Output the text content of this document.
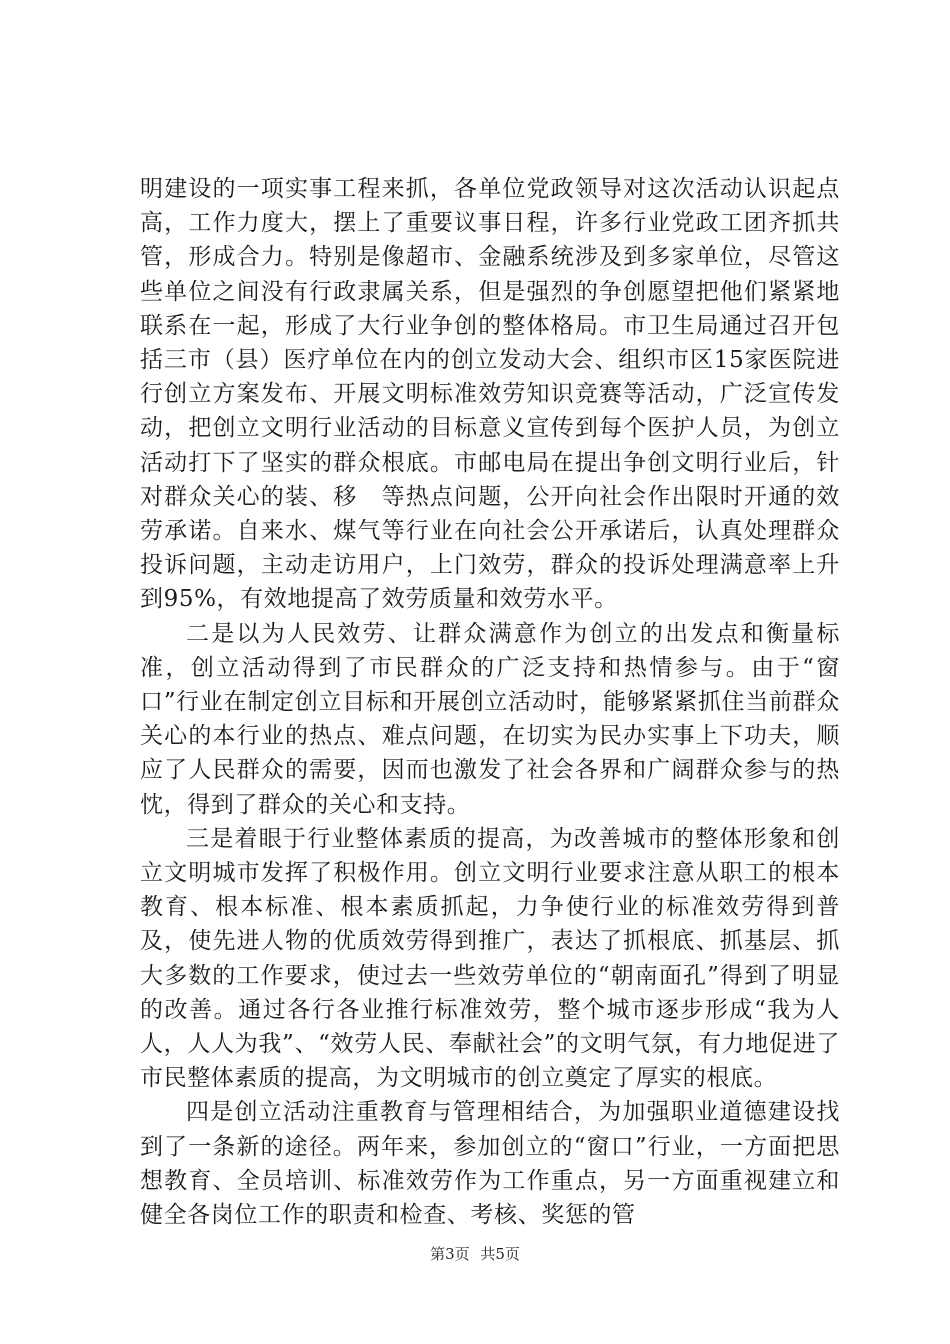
明建设的一项实事工程来抓，各单位党政领导对这次活动认识起点高，工作力度大，摆上了重要议事日程，许多行业党政工团齐抓共管，形成合力。特别是像超市、金融系统涉及到多家单位，尽管这些单位之间没有行政隶属关系，但是强烈的争创愿望把他们紧紧地联系在一起，形成了大行业争创的整体格局。市卫生局通过召开包括三市（县）医疗单位在内的创立发动大会、组织市区15家医院进行创立方案发布、开展文明标准效劳知识竞赛等活动，广泛宣传发动，把创立文明行业活动的目标意义宣传到每个医护人员，为创立活动打下了坚实的群众根底。市邮电局在提出争创文明行业后，针对群众关心的装、移　等热点问题，公开向社会作出限时开通的效劳承诺。自来水、煤气等行业在向社会公开承诺后，认真处理群众投诉问题，主动走访用户，上门效劳，群众的投诉处理满意率上升到95%，有效地提高了效劳质量和效劳水平。

二是以为人民效劳、让群众满意作为创立的出发点和衡量标准，创立活动得到了市民群众的广泛支持和热情参与。由于“窗口”行业在制定创立目标和开展创立活动时，能够紧紧抓住当前群众关心的本行业的热点、难点问题，在切实为民办实事上下功夫，顺应了人民群众的需要，因而也激发了社会各界和广阔群众参与的热忱，得到了群众的关心和支持。

三是着眼于行业整体素质的提高，为改善城市的整体形象和创立文明城市发挥了积极作用。创立文明行业要求注意从职工的根本教育、根本标准、根本素质抓起，力争使行业的标准效劳得到普及，使先进人物的优质效劳得到推广，表达了抓根底、抓基层、抓大多数的工作要求，使过去一些效劳单位的“朝南面孔”得到了明显的改善。通过各行各业推行标准效劳，整个城市逐步形成“我为人人，人人为我”、“效劳人民、奉献社会”的文明气氛，有力地促进了市民整体素质的提高，为文明城市的创立奠定了厚实的根底。

四是创立活动注重教育与管理相结合，为加强职业道德建设找到了一条新的途径。两年来，参加创立的“窗口”行业，一方面把思想教育、全员培训、标准效劳作为工作重点，另一方面重视建立和健全各岗位工作的职责和检查、考核、奖惩的管

第3页 共5页
